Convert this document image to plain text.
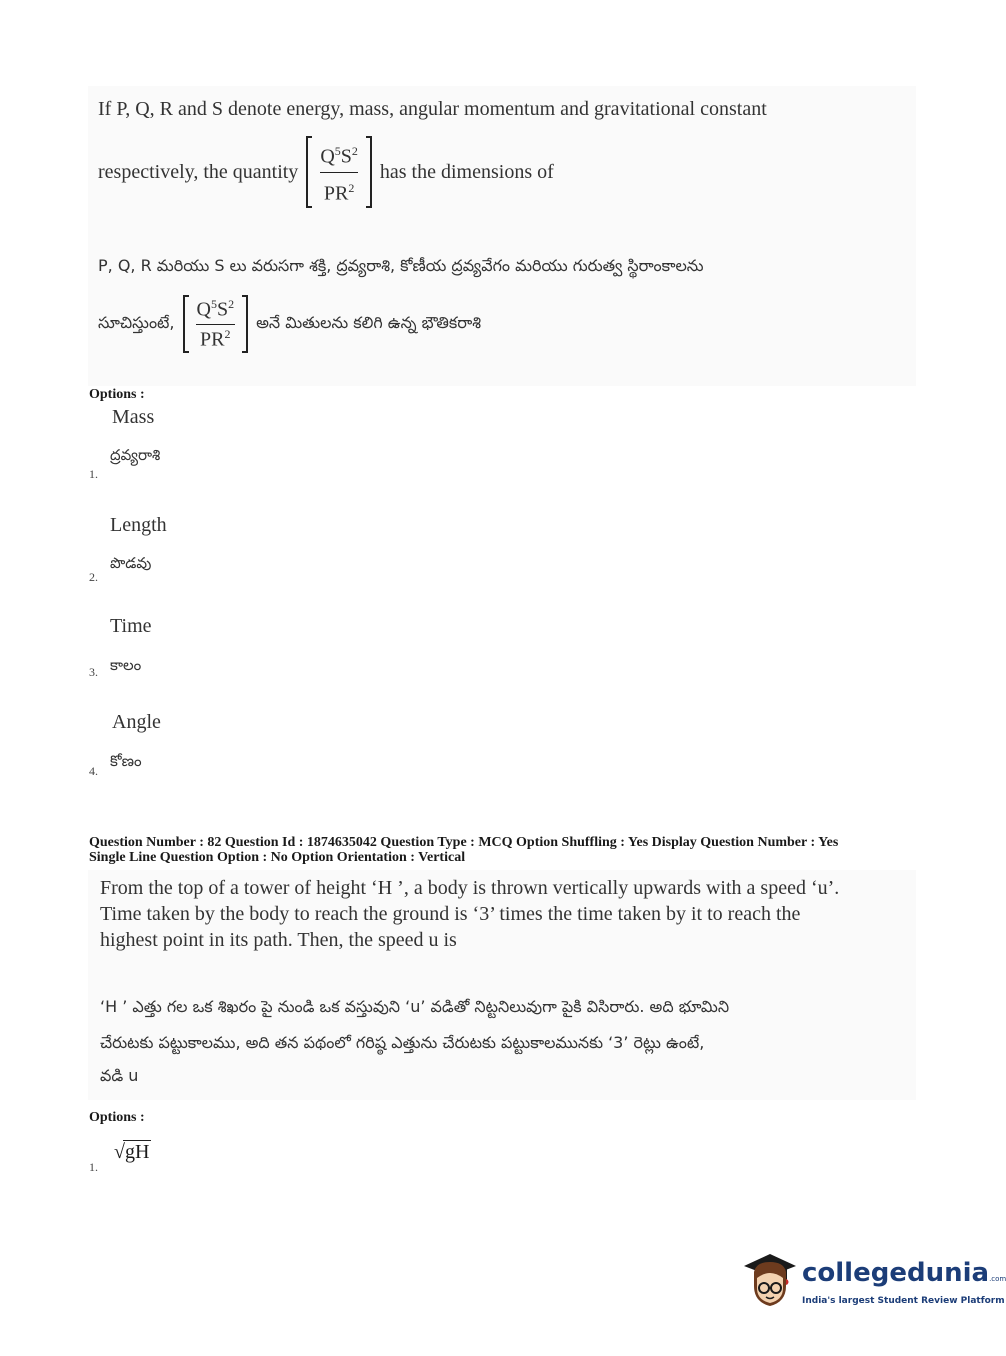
If P, Q, R and S denote energy, mass, angular momentum and gravitational constant
respectively, the quantity $\frac{Q^5S^2}{PR^2}$ has the dimensions of
P, Q, R మరియు S లు వరుసగా శక్తి, ద్రవ్యరాశి, కోణీయ ద్రవ్యవేగం మరియు గురుత్వ స్థిరాంకాలను
సూచిస్తుంటే, $\frac{Q^5S^2}{PR^2}$ అనే మితులను కలిగి ఉన్న భౌతికరాశి
Options :
Mass
ద్రవ్యరాశి
1.
Length
పొడవు
2.
Time
కాలం
3.
Angle
కోణం
4.
Question Number : 82 Question Id : 1874635042 Question Type : MCQ Option Shuffling : Yes Display Question Number : Yes
Single Line Question Option : No Option Orientation : Vertical
From the top of a tower of height ‘H ’, a body is thrown vertically upwards with a speed ‘u’.
Time taken by the body to reach the ground is ‘3’ times the time taken by it to reach the
highest point in its path. Then, the speed u is
‘H ’ ఎత్తు గల ఒక శిఖరం పై నుండి ఒక వస్తువుని ‘u’ వడితో నిట్టనిలువుగా పైకి విసిరారు. అది భూమిని
చేరుటకు పట్టుకాలము, అది తన పథంలో గరిష్ఠ ఎత్తును చేరుటకు పట్టుకాలమునకు ‘3’ రెట్లు ఉంటే,
వడి u
Options :
1.
√ gH
collegedunia.com
India's largest Student Review Platform
